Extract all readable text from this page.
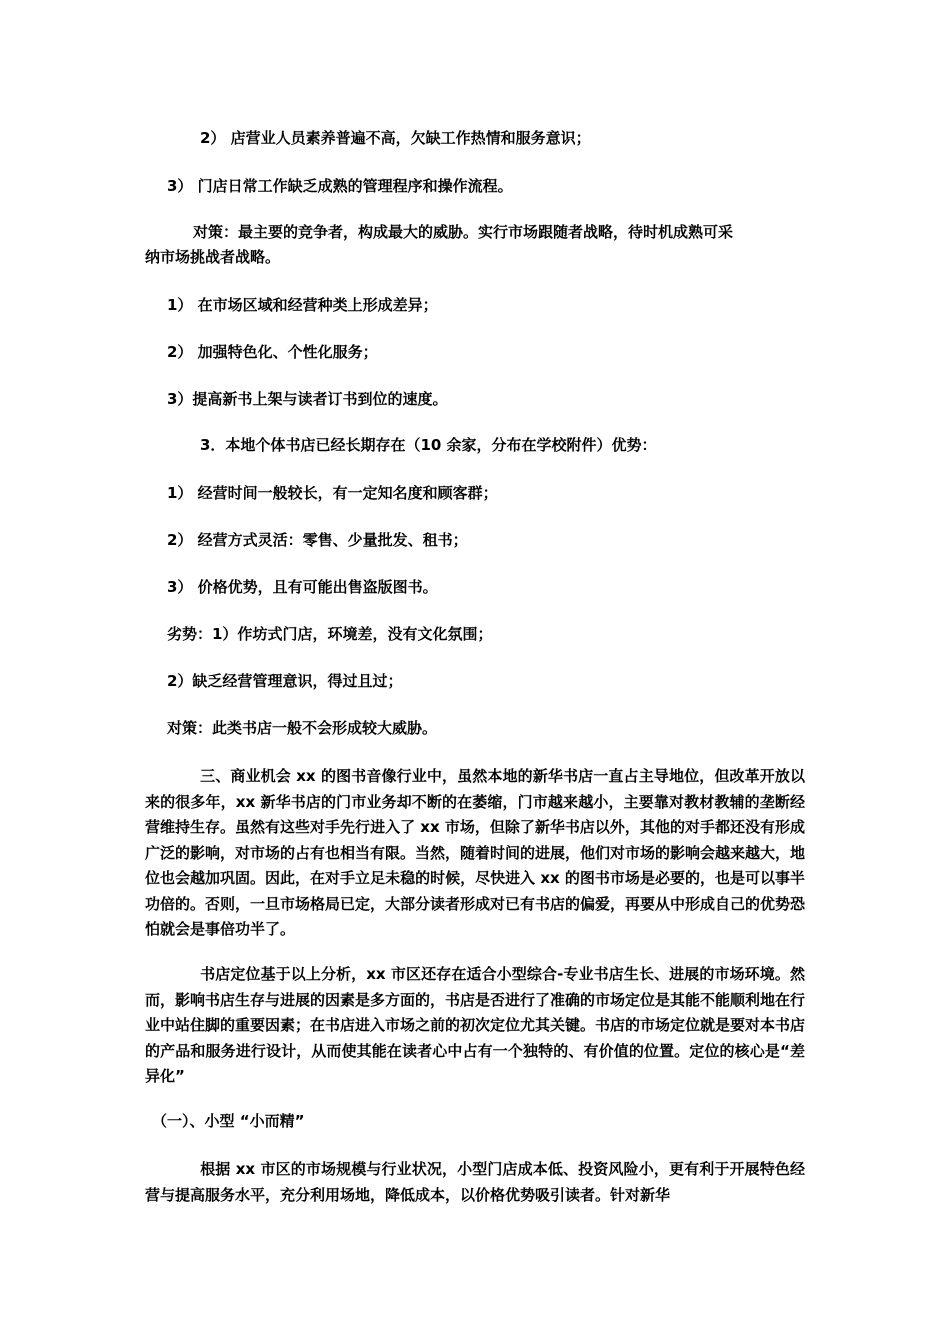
2） 店营业人员素养普遍不高，欠缺工作热情和服务意识；
3） 门店日常工作缺乏成熟的管理程序和操作流程。
对策：最主要的竞争者，构成最大的威胁。实行市场跟随者战略，待时机成熟可采
纳市场挑战者战略。
1） 在市场区域和经营种类上形成差异；
2） 加强特色化、个性化服务；
3）提高新书上架与读者订书到位的速度。
3．本地个体书店已经长期存在（10 余家，分布在学校附件）优势：
1） 经营时间一般较长，有一定知名度和顾客群；
2） 经营方式灵活：零售、少量批发、租书；
3） 价格优势，且有可能出售盗版图书。
劣势：1）作坊式门店，环境差，没有文化氛围；
2）缺乏经营管理意识，得过且过；
对策：此类书店一般不会形成较大威胁。
三、商业机会 xx 的图书音像行业中，虽然本地的新华书店一直占主导地位，但改革开放以来的很多年，xx 新华书店的门市业务却不断的在萎缩，门市越来越小，主要靠对教材教辅的垄断经营维持生存。虽然有这些对手先行进入了 xx 市场，但除了新华书店以外，其他的对手都还没有形成广泛的影响，对市场的占有也相当有限。当然，随着时间的进展，他们对市场的影响会越来越大，地位也会越加巩固。因此，在对手立足未稳的时候，尽快进入 xx 的图书市场是必要的，也是可以事半功倍的。否则，一旦市场格局已定，大部分读者形成对已有书店的偏爱，再要从中形成自己的优势恐怕就会是事倍功半了。
书店定位基于以上分析，xx 市区还存在适合小型综合-专业书店生长、进展的市场环境。然而，影响书店生存与进展的因素是多方面的，书店是否进行了准确的市场定位是其能不能顺利地在行业中站住脚的重要因素；在书店进入市场之前的初次定位尤其关键。书店的市场定位就是要对本书店的产品和服务进行设计，从而使其能在读者心中占有一个独特的、有价值的位置。定位的核心是“差异化”
（一）、小型 “小而精”
根据 xx 市区的市场规模与行业状况，小型门店成本低、投资风险小，更有利于开展特色经营与提高服务水平，充分利用场地，降低成本，以价格优势吸引读者。针对新华
